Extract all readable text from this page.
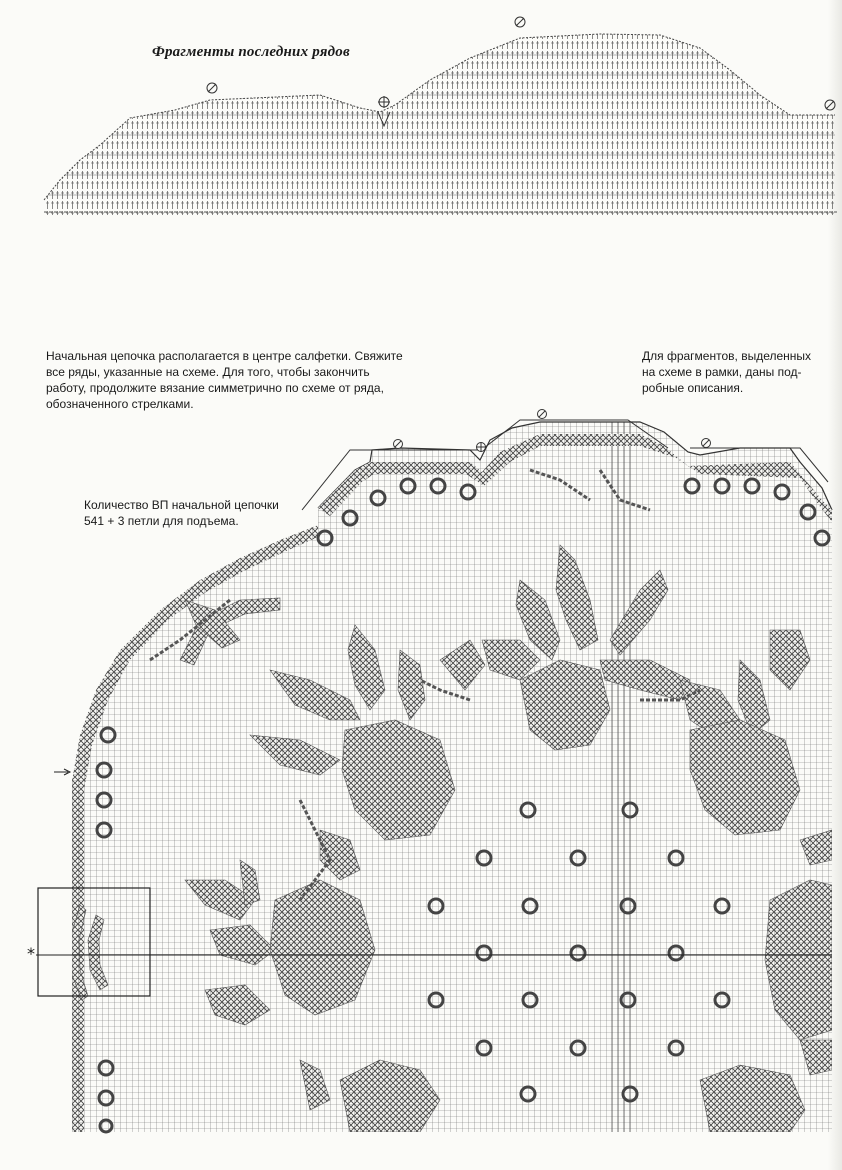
Фрагменты последних рядов
Начальная цепочка располагается в центре салфетки. Свяжите
все ряды, указанные на схеме. Для того, чтобы закончить
работу, продолжите вязание симметрично по схеме от ряда,
обозначенного стрелками.
Для фрагментов, выделенных
на схеме в рамки, даны под-
робные описания.
Количество ВП начальной цепочки
541 + 3 петли для подъема.
*
